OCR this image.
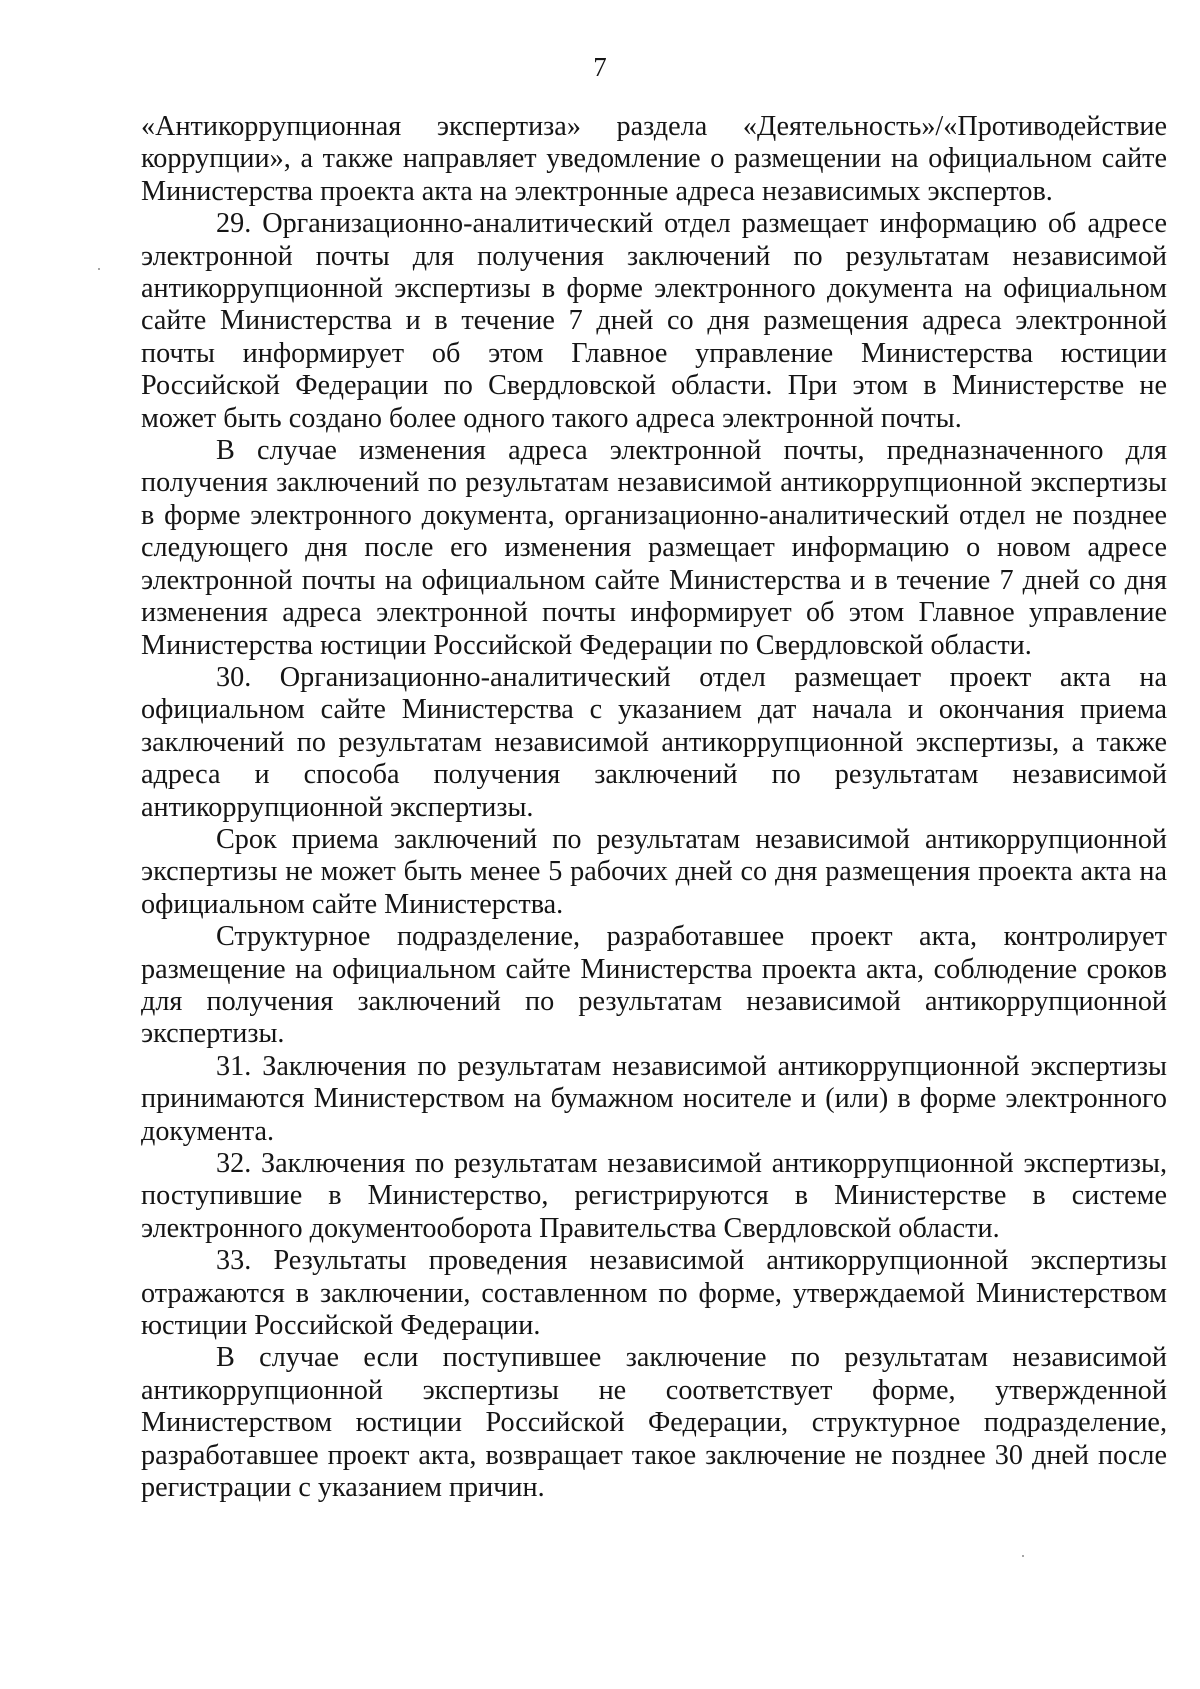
7

«Антикоррупционная экспертиза» раздела «Деятельность»/«Противодействие коррупции», а также направляет уведомление о размещении на официальном сайте Министерства проекта акта на электронные адреса независимых экспертов.

29. Организационно-аналитический отдел размещает информацию об адресе электронной почты для получения заключений по результатам независимой антикоррупционной экспертизы в форме электронного документа на официальном сайте Министерства и в течение 7 дней со дня размещения адреса электронной почты информирует об этом Главное управление Министерства юстиции Российской Федерации по Свердловской области. При этом в Министерстве не может быть создано более одного такого адреса электронной почты.

В случае изменения адреса электронной почты, предназначенного для получения заключений по результатам независимой антикоррупционной экспертизы в форме электронного документа, организационно-аналитический отдел не позднее следующего дня после его изменения размещает информацию о новом адресе электронной почты на официальном сайте Министерства и в течение 7 дней со дня изменения адреса электронной почты информирует об этом Главное управление Министерства юстиции Российской Федерации по Свердловской области.

30. Организационно-аналитический отдел размещает проект акта на официальном сайте Министерства с указанием дат начала и окончания приема заключений по результатам независимой антикоррупционной экспертизы, а также адреса и способа получения заключений по результатам независимой антикоррупционной экспертизы.

Срок приема заключений по результатам независимой антикоррупционной экспертизы не может быть менее 5 рабочих дней со дня размещения проекта акта на официальном сайте Министерства.

Структурное подразделение, разработавшее проект акта, контролирует размещение на официальном сайте Министерства проекта акта, соблюдение сроков для получения заключений по результатам независимой антикоррупционной экспертизы.

31. Заключения по результатам независимой антикоррупционной экспертизы принимаются Министерством на бумажном носителе и (или) в форме электронного документа.

32. Заключения по результатам независимой антикоррупционной экспертизы, поступившие в Министерство, регистрируются в Министерстве в системе электронного документооборота Правительства Свердловской области.

33. Результаты проведения независимой антикоррупционной экспертизы отражаются в заключении, составленном по форме, утверждаемой Министерством юстиции Российской Федерации.

В случае если поступившее заключение по результатам независимой антикоррупционной экспертизы не соответствует форме, утвержденной Министерством юстиции Российской Федерации, структурное подразделение, разработавшее проект акта, возвращает такое заключение не позднее 30 дней после регистрации с указанием причин.
